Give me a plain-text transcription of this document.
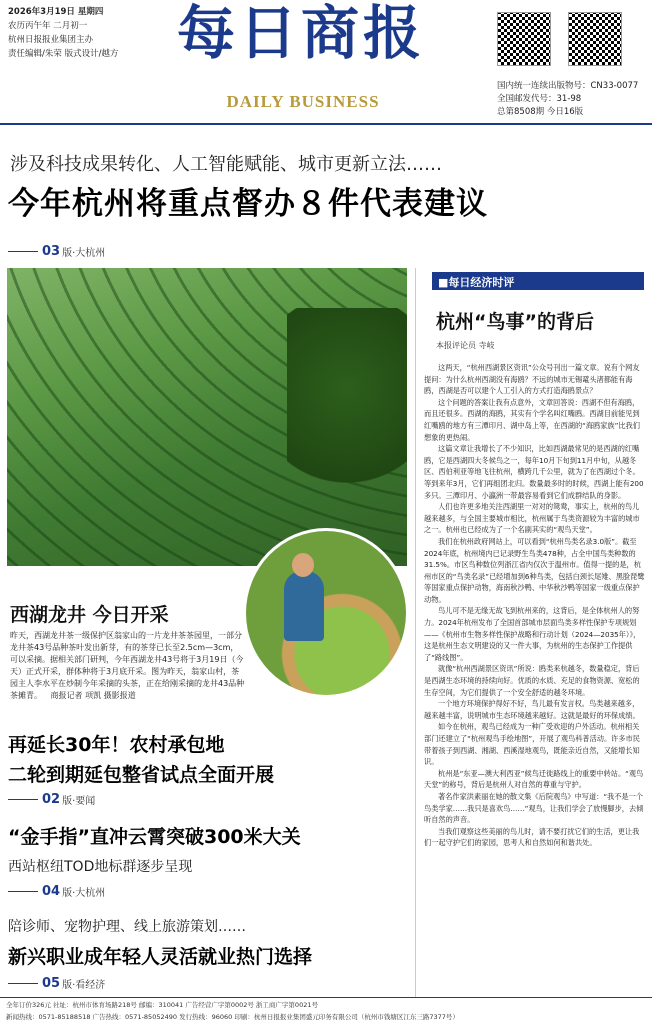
2026年3月19日 星期四
农历丙午年 二月初一
杭州日报报业集团主办
责任编辑/朱荣 版式设计/越方	每日商报
DAILY BUSINESS
国内统一连续出版物号：CN33-0077
全国邮发代号：31-98
总第8508期 今日16版
涉及科技成果转化、人工智能赋能、城市更新立法……
今年杭州将重点督办８件代表建议
03 版·大杭州
西湖龙井 今日开采
昨天，西湖龙井茶一级保护区翁家山的一片龙井茶茶园里，一部分龙井茶43号品种茶叶发出新芽，有的茶芽已长至2.5cm—3cm，可以采摘。据相关部门研判，今年西湖龙井43号将于3月19日（今天）正式开采，群体种将于3月底开采。图为昨天，翁家山村，茶园主人李水平在炒制今年采摘的头茶，正在给刚采摘的龙井43品种茶摊青。 商报记者 项凯 摄影报道
■每日经济时评
杭州“鸟事”的背后
本报评论员 寺岐

这两天，“杭州西湖景区资讯”公众号刊出一篇文章。说有个网友提问：为什么杭州西湖没有海鸥？不远的城市无锡鼋头渚都能有海鸥，西湖是否可以建个人工引入的方式打造海鸥景点？

这个问题的答案让我有点意外，文章回答说：西湖不但有海鸥，而且还很多。西湖的海鸥，其实有个学名叫红嘴鸥。西湖目前能见到红嘴鸥的地方有三潭印月、湖中岛上等，在西湖的“海鸥家族”比我们想象的更热闹。

这篇文章让我增长了不少知识，比如西湖最常见的是西湖的红嘴鸥，它是西湖四大冬候鸟之一，每年10月下旬到11月中旬，从越冬区、西伯利亚等地飞往杭州，横跨几千公里，就为了在西湖过个冬。等到来年3月，它们再组团北归。数量最多时的时候，西湖上能有200多只。三潭印月、小瀛洲一带最容易看到它们成群结队的身影。

人们也许更多地关注西湖里一对对的鸳鸯，事实上，杭州的鸟儿越来越多，与全国主要城市相比，杭州属于鸟类资源较为丰富的城市之一。杭州也已经成为了一个名副其实的“观鸟天堂”。

我们在杭州政府网站上，可以看到“杭州鸟类名录3.0版”。截至2024年底，杭州境内已记录野生鸟类478种，占全中国鸟类种数的31.5%。市区鸟种数位列浙江省内仅次于温州市。值得一提的是，杭州市区的“鸟类名录”已经增加到6种鸟类，包括白颈长尾雉、黑脸琵鹭等国家重点保护动物，海南秋沙鸭、中华秋沙鸭等国家一级重点保护动物。

鸟儿可不是无缘无故飞到杭州来的，这背后，是全体杭州人的努力。2024年杭州发布了全国首部城市层面鸟类多样性保护专项规划——《杭州市生物多样性保护战略和行动计划（2024—2035年）》，这是杭州生态文明建设的又一件大事，为杭州的生态保护工作提供了“路线图”。

就像“杭州西湖景区资讯”所说：鸥类来杭越冬，数量稳定，背后是西湖生态环境的持续向好。优质的水质、充足的食物资源、宽松的生存空间，为它们提供了一个安全舒适的越冬环境。

一个地方环境保护得好不好，鸟儿最有发言权。鸟类越来越多，越来越丰富，说明城市生态环境越来越好。这就是最好的环保成绩。

如今在杭州，观鸟已经成为一种广受欢迎的户外活动。杭州相关部门还建立了“杭州观鸟手绘地图”，开展了观鸟科普活动。许多市民带着孩子到西湖、湘湖、西溪湿地观鸟，既能亲近自然，又能增长知识。

杭州是“东亚—澳大利西亚”候鸟迁徙路线上的重要中转站。“观鸟天堂”的称号，背后是杭州人对自然的尊重与守护。

著名作家洪素丽在她的散文集《后院观鸟》中写道：“我不是一个鸟类学家……我只是喜欢鸟……”观鸟，让我们学会了放慢脚步，去倾听自然的声音。

当我们观察这些美丽的鸟儿时，请不要打扰它们的生活，更让我们一起守护它们的家园，思考人和自然如何和谐共处。

再延长30年！农村承包地
二轮到期延包整省试点全面开展
02 版·要闻
“金手指”直冲云霄突破300米大关
西站枢纽TOD地标群逐步呈现
04 版·大杭州
陪诊师、宠物护理、线上旅游策划……
新兴职业成年轻人灵活就业热门选择
05 版·看经济
全年订价326元 社址：杭州市体育场路218号 邮编：310041 广告经营广字第0002号 浙工商广字第0021号
新闻热线：0571-85188518 广告热线：0571-85052490 发行热线：96060 印刷：杭州日报报业集团盛元印务有限公司（杭州市钱塘区江东三路7377号）
